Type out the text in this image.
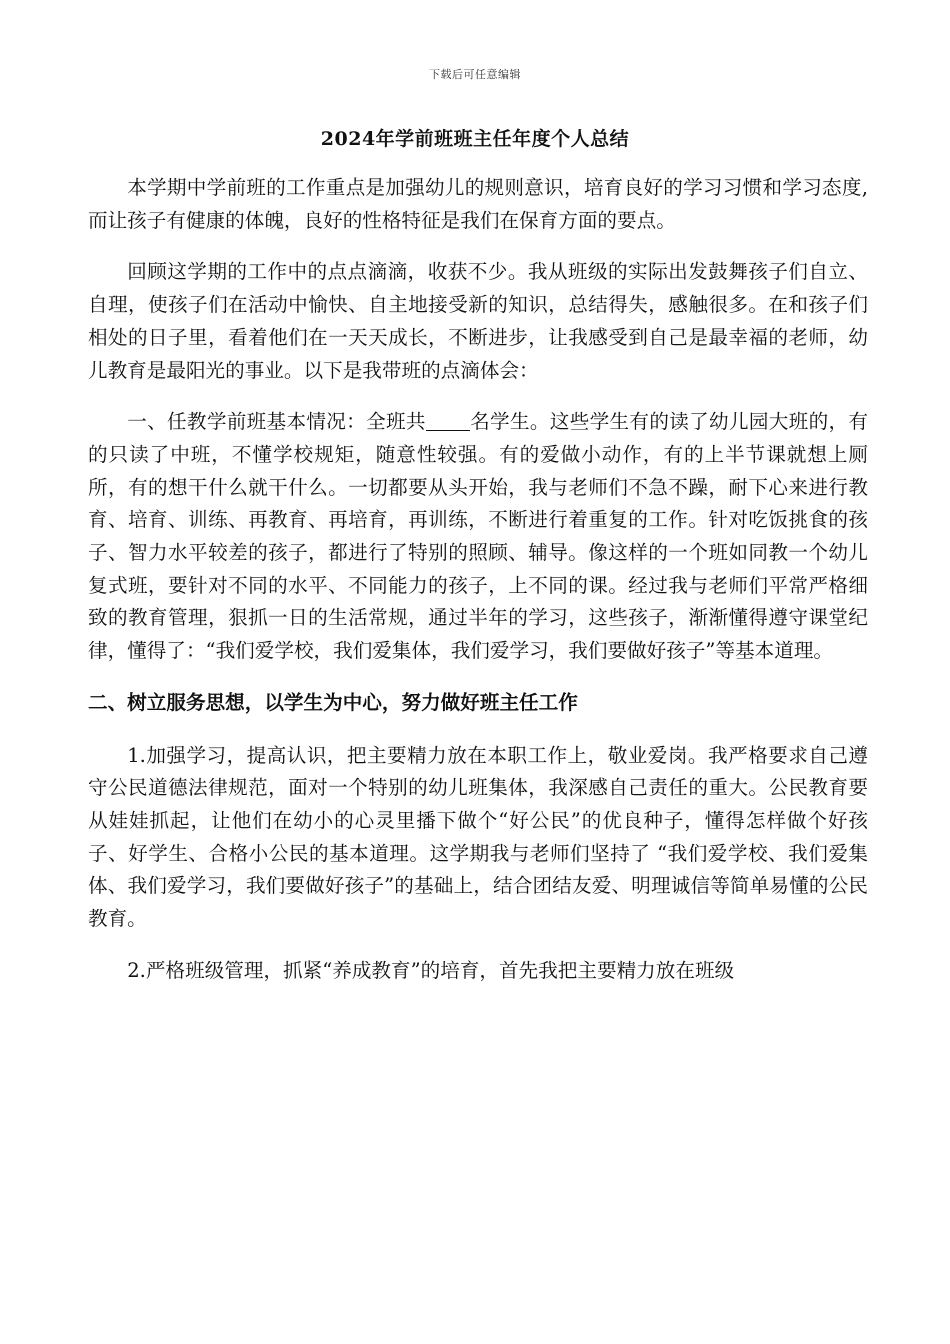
下载后可任意编辑
2024年学前班班主任年度个人总结

本学期中学前班的工作重点是加强幼儿的规则意识，培育良好的学习习惯和学习态度,而让孩子有健康的体魄，良好的性格特征是我们在保育方面的要点。

回顾这学期的工作中的点点滴滴，收获不少。我从班级的实际出发鼓舞孩子们自立、自理，使孩子们在活动中愉快、自主地接受新的知识，总结得失，感触很多。在和孩子们相处的日子里，看着他们在一天天成长，不断进步，让我感受到自己是最幸福的老师，幼儿教育是最阳光的事业。以下是我带班的点滴体会：

一、任教学前班基本情况：全班共 名学生。这些学生有的读了幼儿园大班的，有的只读了中班，不懂学校规矩，随意性较强。有的爱做小动作，有的上半节课就想上厕所，有的想干什么就干什么。一切都要从头开始，我与老师们不急不躁，耐下心来进行教育、培育、训练、再教育、再培育，再训练，不断进行着重复的工作。针对吃饭挑食的孩子、智力水平较差的孩子，都进行了特别的照顾、辅导。像这样的一个班如同教一个幼儿复式班，要针对不同的水平、不同能力的孩子，上不同的课。经过我与老师们平常严格细致的教育管理，狠抓一日的生活常规，通过半年的学习，这些孩子，渐渐懂得遵守课堂纪律，懂得了：“我们爱学校，我们爱集体，我们爱学习，我们要做好孩子”等基本道理。

二、树立服务思想，以学生为中心，努力做好班主任工作

1.加强学习，提高认识，把主要精力放在本职工作上，敬业爱岗。我严格要求自己遵守公民道德法律规范，面对一个特别的幼儿班集体，我深感自己责任的重大。公民教育要从娃娃抓起，让他们在幼小的心灵里播下做个“好公民”的优良种子，懂得怎样做个好孩子、好学生、合格小公民的基本道理。这学期我与老师们坚持了 “我们爱学校、我们爱集体、我们爱学习，我们要做好孩子”的基础上，结合团结友爱、明理诚信等简单易懂的公民教育。

2.严格班级管理，抓紧“养成教育”的培育，首先我把主要精力放在班级
